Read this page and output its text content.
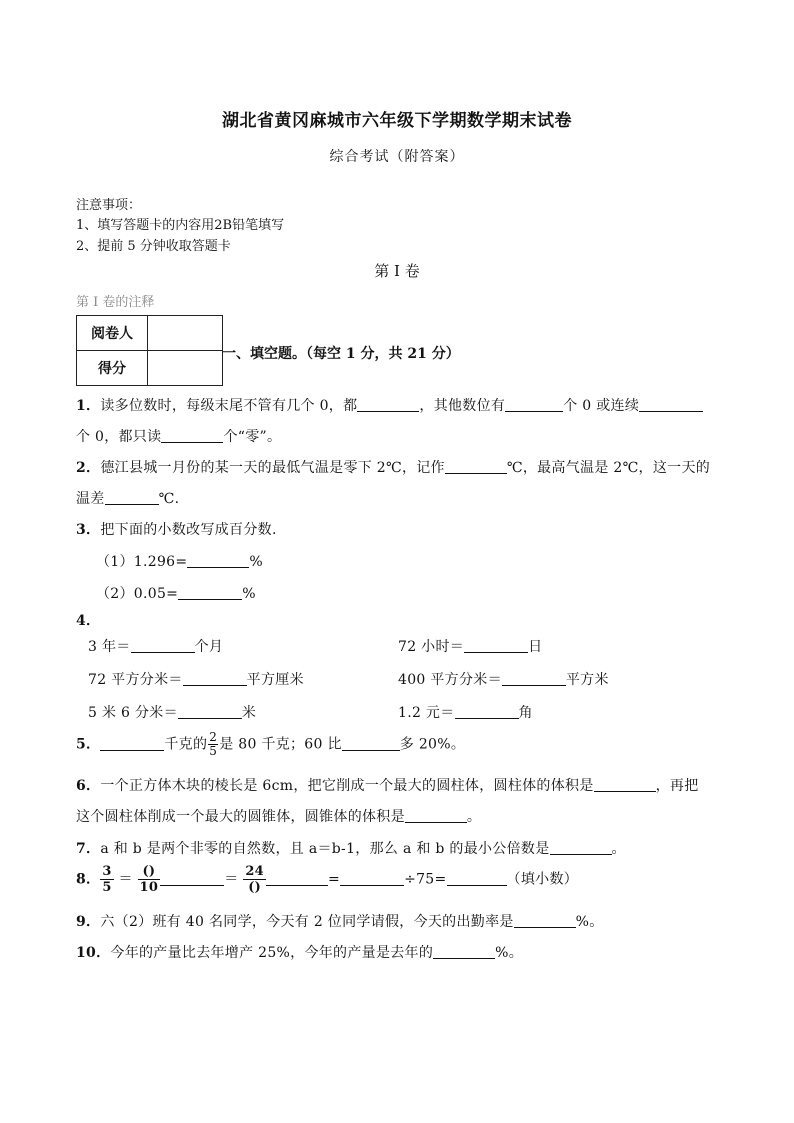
湖北省黄冈麻城市六年级下学期数学期末试卷
综合考试（附答案）
注意事项：
1、填写答题卡的内容用2B铅笔填写
2、提前 5 分钟收取答题卡
第 I 卷
第 I 卷的注释
阅卷人	
得分	
一、填空题。（每空 1 分，共 21 分）
1．读多位数时，每级末尾不管有几个 0，都	，其他数位有	个 0 或连续
个 0，都只读	个“零”。
2．德江县城一月份的某一天的最低气温是零下 2℃，记作	℃，最高气温是 2℃，这一天的
温差	℃.
3．把下面的小数改写成百分数.
（1）1.296=	%
（2）0.05=	%
4．
3 年＝	个月	72 小时＝	日
72 平方分米＝	平方厘米	400 平方分米＝	平方米
5 米 6 分米＝	米	1.2 元＝	角
5．	千克的 $\frac{2}{5}$ 是 80 千克；60 比	多 20%。
6．一个正方体木块的棱长是 6cm，把它削成一个最大的圆柱体，圆柱体的体积是	，再把
这个圆柱体削成一个最大的圆锥体，圆锥体的体积是	。
7．a 和 b 是两个非零的自然数，且 a＝b-1，那么 a 和 b 的最小公倍数是	。
8． $\frac{3}{5} = \frac{()}{10}$	＝ $\frac{24}{()}$	=	÷75=	（填小数）
9．六（2）班有 40 名同学，今天有 2 位同学请假，今天的出勤率是	%。
10．今年的产量比去年增产 25%，今年的产量是去年的	%。
